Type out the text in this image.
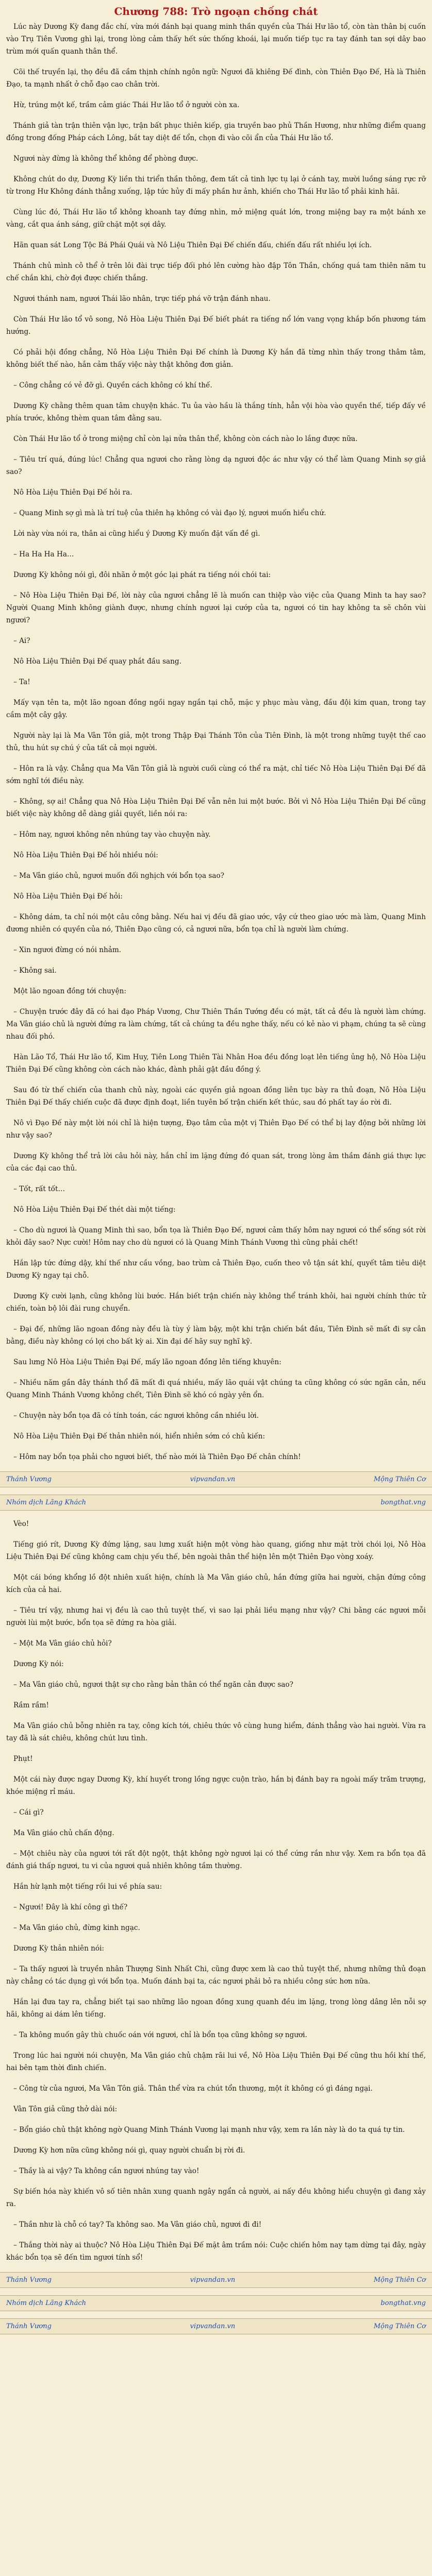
Chương 788: Trò ngoạn chống chát

Lúc này Dương Kỳ đang đắc chí, vừa mới đánh bại quang minh thần quyền của Thái Hư lão tổ, còn tàn thân bị cuốn vào Trụ Tiên Vương ghì lại, trong lòng cảm thấy hết sức thống khoái, lại muốn tiếp tục ra tay đánh tan sợi dây bao trùm mới quấn quanh thân thể.

Cõi thế truyền lại, thọ đều đã cầm thịnh chính ngôn ngữ: Ngươi đã khiêng Đế đình, còn Thiên Đạo Đế, Hà là Thiên Đạo, ta mạnh nhất ở chỗ đạo cao chân trời.

Hừ, trúng một kế, trầm cảm giác Thái Hư lão tổ ở người còn xa.

Thánh giả tàn trận thiên vận lực, trận bất phục thiên kiếp, gia truyền bao phủ Thần Hương, như những điểm quang đồng trong đống Pháp cách Lông, bắt tay diệt đế tổn, chọn đi vào cõi ẩn của Thái Hư lão tổ.

Ngươi này đừng là không thể không để phòng được.

Không chút do dự, Dương Kỳ liền thi triển thần thông, đem tất cả tinh lực tụ lại ở cánh tay, mười luồng sáng rực rỡ từ trong Hư Không đánh thẳng xuống, lập tức hủy đi mấy phần hư ảnh, khiến cho Thái Hư lão tổ phải kinh hãi.

Cùng lúc đó, Thái Hư lão tổ không khoanh tay đứng nhìn, mở miệng quát lớn, trong miệng bay ra một bánh xe vàng, cắt qua ánh sáng, giữ chặt một sợi dây.

Hãn quan sát Long Tộc Bá Phái Quái và Nô Liệu Thiên Đại Đế chiến đấu, chiến đấu rất nhiều lợi ích.

Thánh chủ mình cô thể ở trên lôi đài trực tiếp đối phó lên cường hào đập Tôn Thần, chống quá tam thiên năm tu chế chắn khi, chờ đợi được chiến thắng.

Ngươi thánh nam, ngươi Thái lão nhân, trực tiếp phá vỡ trận đánh nhau.

Còn Thái Hư lão tổ vô song, Nô Hòa Liệu Thiên Đại Đế biết phát ra tiếng nổ lớn vang vọng khắp bốn phương tám hướng.

Có phải hội đồng chẳng, Nô Hòa Liệu Thiên Đại Đế chính là Dương Kỳ hắn đã từng nhìn thấy trong thâm tâm, không biết thế nào, hắn cảm thấy việc này thật không đơn giản.

– Công chẳng có vẻ đỡ gì. Quyền cách không có khí thế.

Dương Kỳ chằng thêm quan tâm chuyện khác. Tu ủa vào hầu là thắng tính, hẳn vội hòa vào quyền thế, tiếp đấy về phía trước, không thèm quan tâm đằng sau.

Còn Thái Hư lão tổ ở trong miệng chỉ còn lại nửa thân thể, không còn cách nào lo lắng được nữa.

– Tiêu trí quá, đúng lúc! Chẳng qua ngươi cho rằng lòng dạ ngươi độc ác như vậy có thể làm Quang Minh sợ giả sao?

Nô Hòa Liệu Thiên Đại Đế hỏi ra.

– Quang Minh sợ gì mà là trí tuệ của thiên hạ không có vài đạo lý, ngươi muốn hiểu chứ.

Lời này vừa nói ra, thân ai cũng hiểu ý Dương Kỳ muốn đặt vấn đề gì.

– Ha Ha Ha Ha…

Dương Kỳ không nói gì, đôi nhãn ở một góc lại phát ra tiếng nói chói tai:

– Nô Hòa Liệu Thiên Đại Đế, lời này của ngươi chẳng lẽ là muốn can thiệp vào việc của Quang Minh ta hay sao? Người Quang Minh không giành được, nhưng chính ngươi lại cướp của ta, ngươi có tin hay không ta sẽ chôn vùi ngươi?

– Ai?

Nô Hòa Liệu Thiên Đại Đế quay phắt đầu sang.

– Ta!

Mấy vạn tên ta, một lão ngoan đồng ngồi ngay ngắn tại chỗ, mặc y phục màu vàng, đầu đội kim quan, trong tay cầm một cây gậy.

Người này lại là Ma Vân Tôn giả, một trong Thập Đại Thánh Tôn của Tiên Đình, là một trong những tuyệt thế cao thủ, thu hút sự chú ý của tất cả mọi người.

– Hôn ra là vậy. Chẳng qua Ma Vân Tôn giả là người cuối cùng có thể ra mặt, chỉ tiếc Nô Hòa Liệu Thiên Đại Đế đã sớm nghĩ tới điều này.

– Không, sợ ai! Chẳng qua Nô Hòa Liệu Thiên Đại Đế vẫn nên lui một bước. Bởi vì Nô Hòa Liệu Thiên Đại Đế cũng biết việc này không dễ dàng giải quyết, liền nói ra:

– Hôm nay, ngươi không nên nhúng tay vào chuyện này.

Nô Hòa Liệu Thiên Đại Đế hỏi nhiều nói:

– Ma Vân giáo chủ, ngươi muốn đối nghịch với bổn tọa sao?

Nô Hòa Liệu Thiên Đại Đế hỏi:

– Không dám, ta chỉ nói một câu công bằng. Nếu hai vị đều đã giao ước, vậy cứ theo giao ước mà làm, Quang Minh đương nhiên có quyền của nó, Thiên Đạo cũng có, cả ngươi nữa, bổn tọa chỉ là người làm chứng.

– Xin ngươi đừng có nói nhảm.

– Không sai.

Một lão ngoan đồng tới chuyện:

– Chuyện trước đây đã có hai đạo Pháp Vương, Chư Thiên Thần Tướng đều có mặt, tất cả đều là người làm chứng. Ma Vân giáo chủ là người đứng ra làm chứng, tất cả chúng ta đều nghe thấy, nếu có kẻ nào vi phạm, chúng ta sẽ cùng nhau đối phó.

Hàn Lão Tổ, Thái Hư lão tổ, Kim Huy, Tiên Long Thiên Tài Nhân Hoa đều đồng loạt lên tiếng ủng hộ, Nô Hòa Liệu Thiên Đại Đế cũng không còn cách nào khác, đành phải gật đầu đồng ý.

Sau đó từ thế chiến của thanh chủ này, ngoài các quyền giả ngoan đồng liên tục bày ra thủ đoạn, Nô Hòa Liệu Thiên Đại Đế thấy chiến cuộc đã được định đoạt, liền tuyên bố trận chiến kết thúc, sau đó phất tay áo rời đi.

Nô vì Đạo Đế này một lời nói chỉ là hiện tượng, Đạo tâm của một vị Thiên Đạo Đế có thể bị lay động bởi những lời như vậy sao?

Dương Kỳ không thể trả lời câu hỏi này, hắn chỉ im lặng đứng đó quan sát, trong lòng âm thầm đánh giá thực lực của các đại cao thủ.

– Tốt, rất tốt…

Nô Hòa Liệu Thiên Đại Đế thét dài một tiếng:

– Cho dù ngươi là Quang Minh thì sao, bổn tọa là Thiên Đạo Đế, ngươi cảm thấy hôm nay ngươi có thể sống sót rời khỏi đây sao? Nực cười! Hôm nay cho dù ngươi có là Quang Minh Thánh Vương thì cũng phải chết!

Hắn lập tức đứng dậy, khí thế như cầu vồng, bao trùm cả Thiên Đạo, cuốn theo vô tận sát khí, quyết tâm tiêu diệt Dương Kỳ ngay tại chỗ.

Dương Kỳ cười lạnh, cũng không lùi bước. Hắn biết trận chiến này không thể tránh khỏi, hai người chính thức tử chiến, toàn bộ lôi đài rung chuyển.

– Đại đế, những lão ngoan đồng này đều là tùy ý làm bậy, một khi trận chiến bắt đầu, Tiên Đình sẽ mất đi sự cân bằng, điều này không có lợi cho bất kỳ ai. Xin đại đế hãy suy nghĩ kỹ.

Sau lưng Nô Hòa Liệu Thiên Đại Đế, mấy lão ngoan đồng lên tiếng khuyên:

– Nhiều năm gần đây thánh thổ đã mất đi quá nhiều, mấy lão quái vật chúng ta cũng không có sức ngăn cản, nếu Quang Minh Thánh Vương không chết, Tiên Đình sẽ khó có ngày yên ổn.

– Chuyện này bổn tọa đã có tính toán, các ngươi không cần nhiều lời.

Nô Hòa Liệu Thiên Đại Đế thản nhiên nói, hiển nhiên sớm có chủ kiến:

– Hôm nay bổn tọa phải cho ngươi biết, thế nào mới là Thiên Đạo Đế chân chính!

Thánh Vương	vipvandan.vn	Mộng Thiên Cơ
Nhóm dịch Lãng Khách	bongthat.vng

Vèo!

Tiếng gió rít, Dương Kỳ đứng lặng, sau lưng xuất hiện một vòng hào quang, giống như mặt trời chói lọi, Nô Hòa Liệu Thiên Đại Đế cũng không cam chịu yếu thế, bên ngoài thân thể hiện lên một Thiên Đạo vòng xoáy.

Một cái bóng khổng lồ đột nhiên xuất hiện, chính là Ma Vân giáo chủ, hắn đứng giữa hai người, chặn đứng công kích của cả hai.

– Tiêu trí vậy, nhưng hai vị đều là cao thủ tuyệt thế, vì sao lại phải liều mạng như vậy? Chi bằng các ngươi mỗi người lùi một bước, bổn tọa sẽ đứng ra hòa giải.

– Một Ma Vân giáo chủ hỏi?

Dương Kỳ nói:

– Ma Vân giáo chủ, ngươi thật sự cho rằng bản thân có thể ngăn cản được sao?

Rầm rầm!

Ma Vân giáo chủ bỗng nhiên ra tay, công kích tới, chiêu thức vô cùng hung hiểm, đánh thẳng vào hai người. Vừa ra tay đã là sát chiêu, không chút lưu tình.

Phụt!

Một cái này được ngay Dương Kỳ, khí huyết trong lồng ngực cuộn trào, hắn bị đánh bay ra ngoài mấy trăm trượng, khóe miệng rỉ máu.

– Cái gì?

Ma Vân giáo chủ chấn động.

– Một chiêu này của ngươi tới rất đột ngột, thật không ngờ ngươi lại có thể cứng rắn như vậy. Xem ra bổn tọa đã đánh giá thấp ngươi, tu vi của ngươi quả nhiên không tầm thường.

Hắn hừ lạnh một tiếng rồi lui về phía sau:

– Ngươi! Đây là khí công gì thế?

– Ma Vân giáo chủ, đừng kinh ngạc.

Dương Kỳ thản nhiên nói:

– Ta thấy ngươi là truyền nhân Thượng Sinh Nhất Chi, cũng được xem là cao thủ tuyệt thế, nhưng những thủ đoạn này chẳng có tác dụng gì với bổn tọa. Muốn đánh bại ta, các ngươi phải bỏ ra nhiều công sức hơn nữa.

Hắn lại đưa tay ra, chẳng biết tại sao những lão ngoan đồng xung quanh đều im lặng, trong lòng dâng lên nỗi sợ hãi, không ai dám lên tiếng.

– Ta không muốn gây thù chuốc oán với ngươi, chỉ là bổn tọa cũng không sợ ngươi.

Trong lúc hai người nói chuyện, Ma Vân giáo chủ chậm rãi lui về, Nô Hòa Liệu Thiên Đại Đế cũng thu hồi khí thế, hai bên tạm thời đình chiến.

– Công từ của ngươi, Ma Vân Tôn giả. Thân thể vừa ra chút tổn thương, một ít không có gì đáng ngại.

Vân Tôn giả cũng thở dài nói:

– Bổn giáo chủ thật không ngờ Quang Minh Thánh Vương lại mạnh như vậy, xem ra lần này là do ta quá tự tin.

Dương Kỳ hơn nữa cũng không nói gì, quay người chuẩn bị rời đi.

– Thầy là ai vậy? Ta không cần ngươi nhúng tay vào!

Sự biến hóa này khiến vô số tiên nhân xung quanh ngây ngẩn cả người, ai nấy đều không hiểu chuyện gì đang xảy ra.

– Thần như là chỗ có tay? Ta không sao. Ma Vân giáo chủ, ngươi đi đi!

– Thắng thời này ai thuộc? Nô Hòa Liệu Thiên Đại Đế mặt âm trầm nói: Cuộc chiến hôm nay tạm dừng tại đây, ngày khác bổn tọa sẽ đến tìm ngươi tính sổ!

Thánh Vương	vipvandan.vn	Mộng Thiên Cơ
Nhóm dịch Lãng Khách	bongthat.vng
Thánh Vương	vipvandan.vn	Mộng Thiên Cơ
